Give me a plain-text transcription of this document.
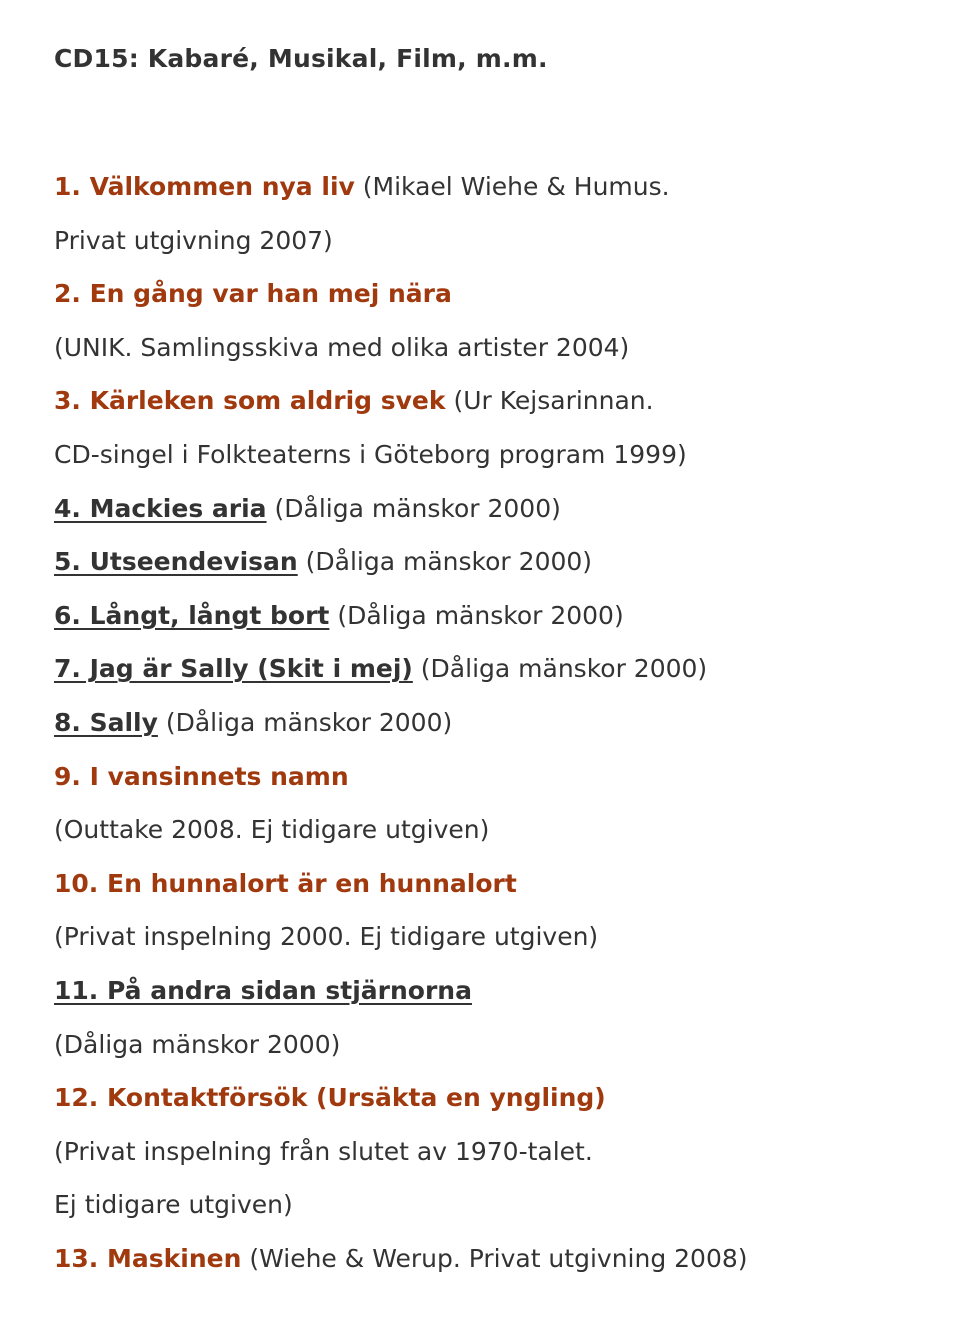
CD15: Kabaré, Musikal, Film, m.m.
1. Välkommen nya liv (Mikael Wiehe & Humus.
Privat utgivning 2007)
2. En gång var han mej nära
(UNIK. Samlingsskiva med olika artister 2004)
3. Kärleken som aldrig svek (Ur Kejsarinnan.
CD-singel i Folkteaterns i Göteborg program 1999)
4. Mackies aria (Dåliga mänskor 2000)
5. Utseendevisan (Dåliga mänskor 2000)
6. Långt, långt bort (Dåliga mänskor 2000)
7. Jag är Sally (Skit i mej) (Dåliga mänskor 2000)
8. Sally (Dåliga mänskor 2000)
9. I vansinnets namn
(Outtake 2008. Ej tidigare utgiven)
10. En hunnalort är en hunnalort
(Privat inspelning 2000. Ej tidigare utgiven)
11. På andra sidan stjärnorna
(Dåliga mänskor 2000)
12. Kontaktförsök (Ursäkta en yngling)
(Privat inspelning från slutet av 1970-talet.
Ej tidigare utgiven)
13. Maskinen (Wiehe & Werup. Privat utgivning 2008)
